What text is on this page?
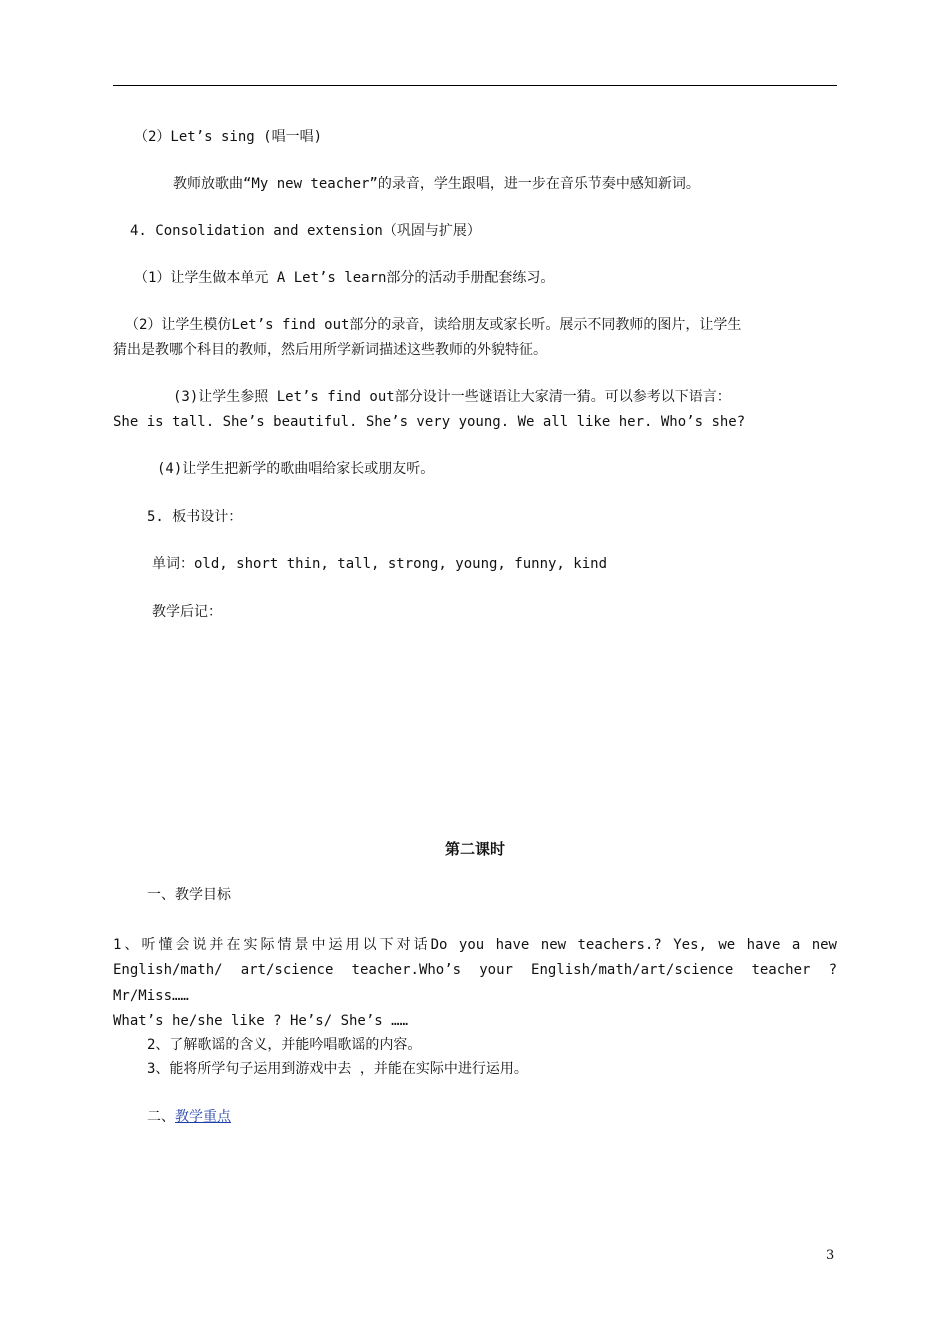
（2）Let’s sing (唱一唱)
教师放歌曲“My new teacher”的录音，学生跟唱，进一步在音乐节奏中感知新词。
4. Consolidation and extension（巩固与扩展）
（1）让学生做本单元 A Let’s learn部分的活动手册配套练习。
（2）让学生模仿Let’s find out部分的录音，读给朋友或家长听。展示不同教师的图片，让学生
猜出是教哪个科目的教师，然后用所学新词描述这些教师的外貌特征。
(3)让学生参照 Let’s find out部分设计一些谜语让大家清一猜。可以参考以下语言：
She is tall. She’s beautiful. She’s very young. We all like her. Who’s she?
(4)让学生把新学的歌曲唱给家长或朋友听。
5. 板书设计：
单词：old, short thin, tall, strong, young, funny, kind
教学后记：
第二课时
一、教学目标
1、听懂会说并在实际情景中运用以下对话Do you have new teachers.? Yes, we have a new
English/math/ art/science teacher.Who’s your English/math/art/science teacher ?
Mr/Miss……
What’s he/she like ? He’s/ She’s ……
2、了解歌谣的含义，并能吟唱歌谣的内容。
3、能将所学句子运用到游戏中去 ，并能在实际中进行运用。
二、教学重点
3
